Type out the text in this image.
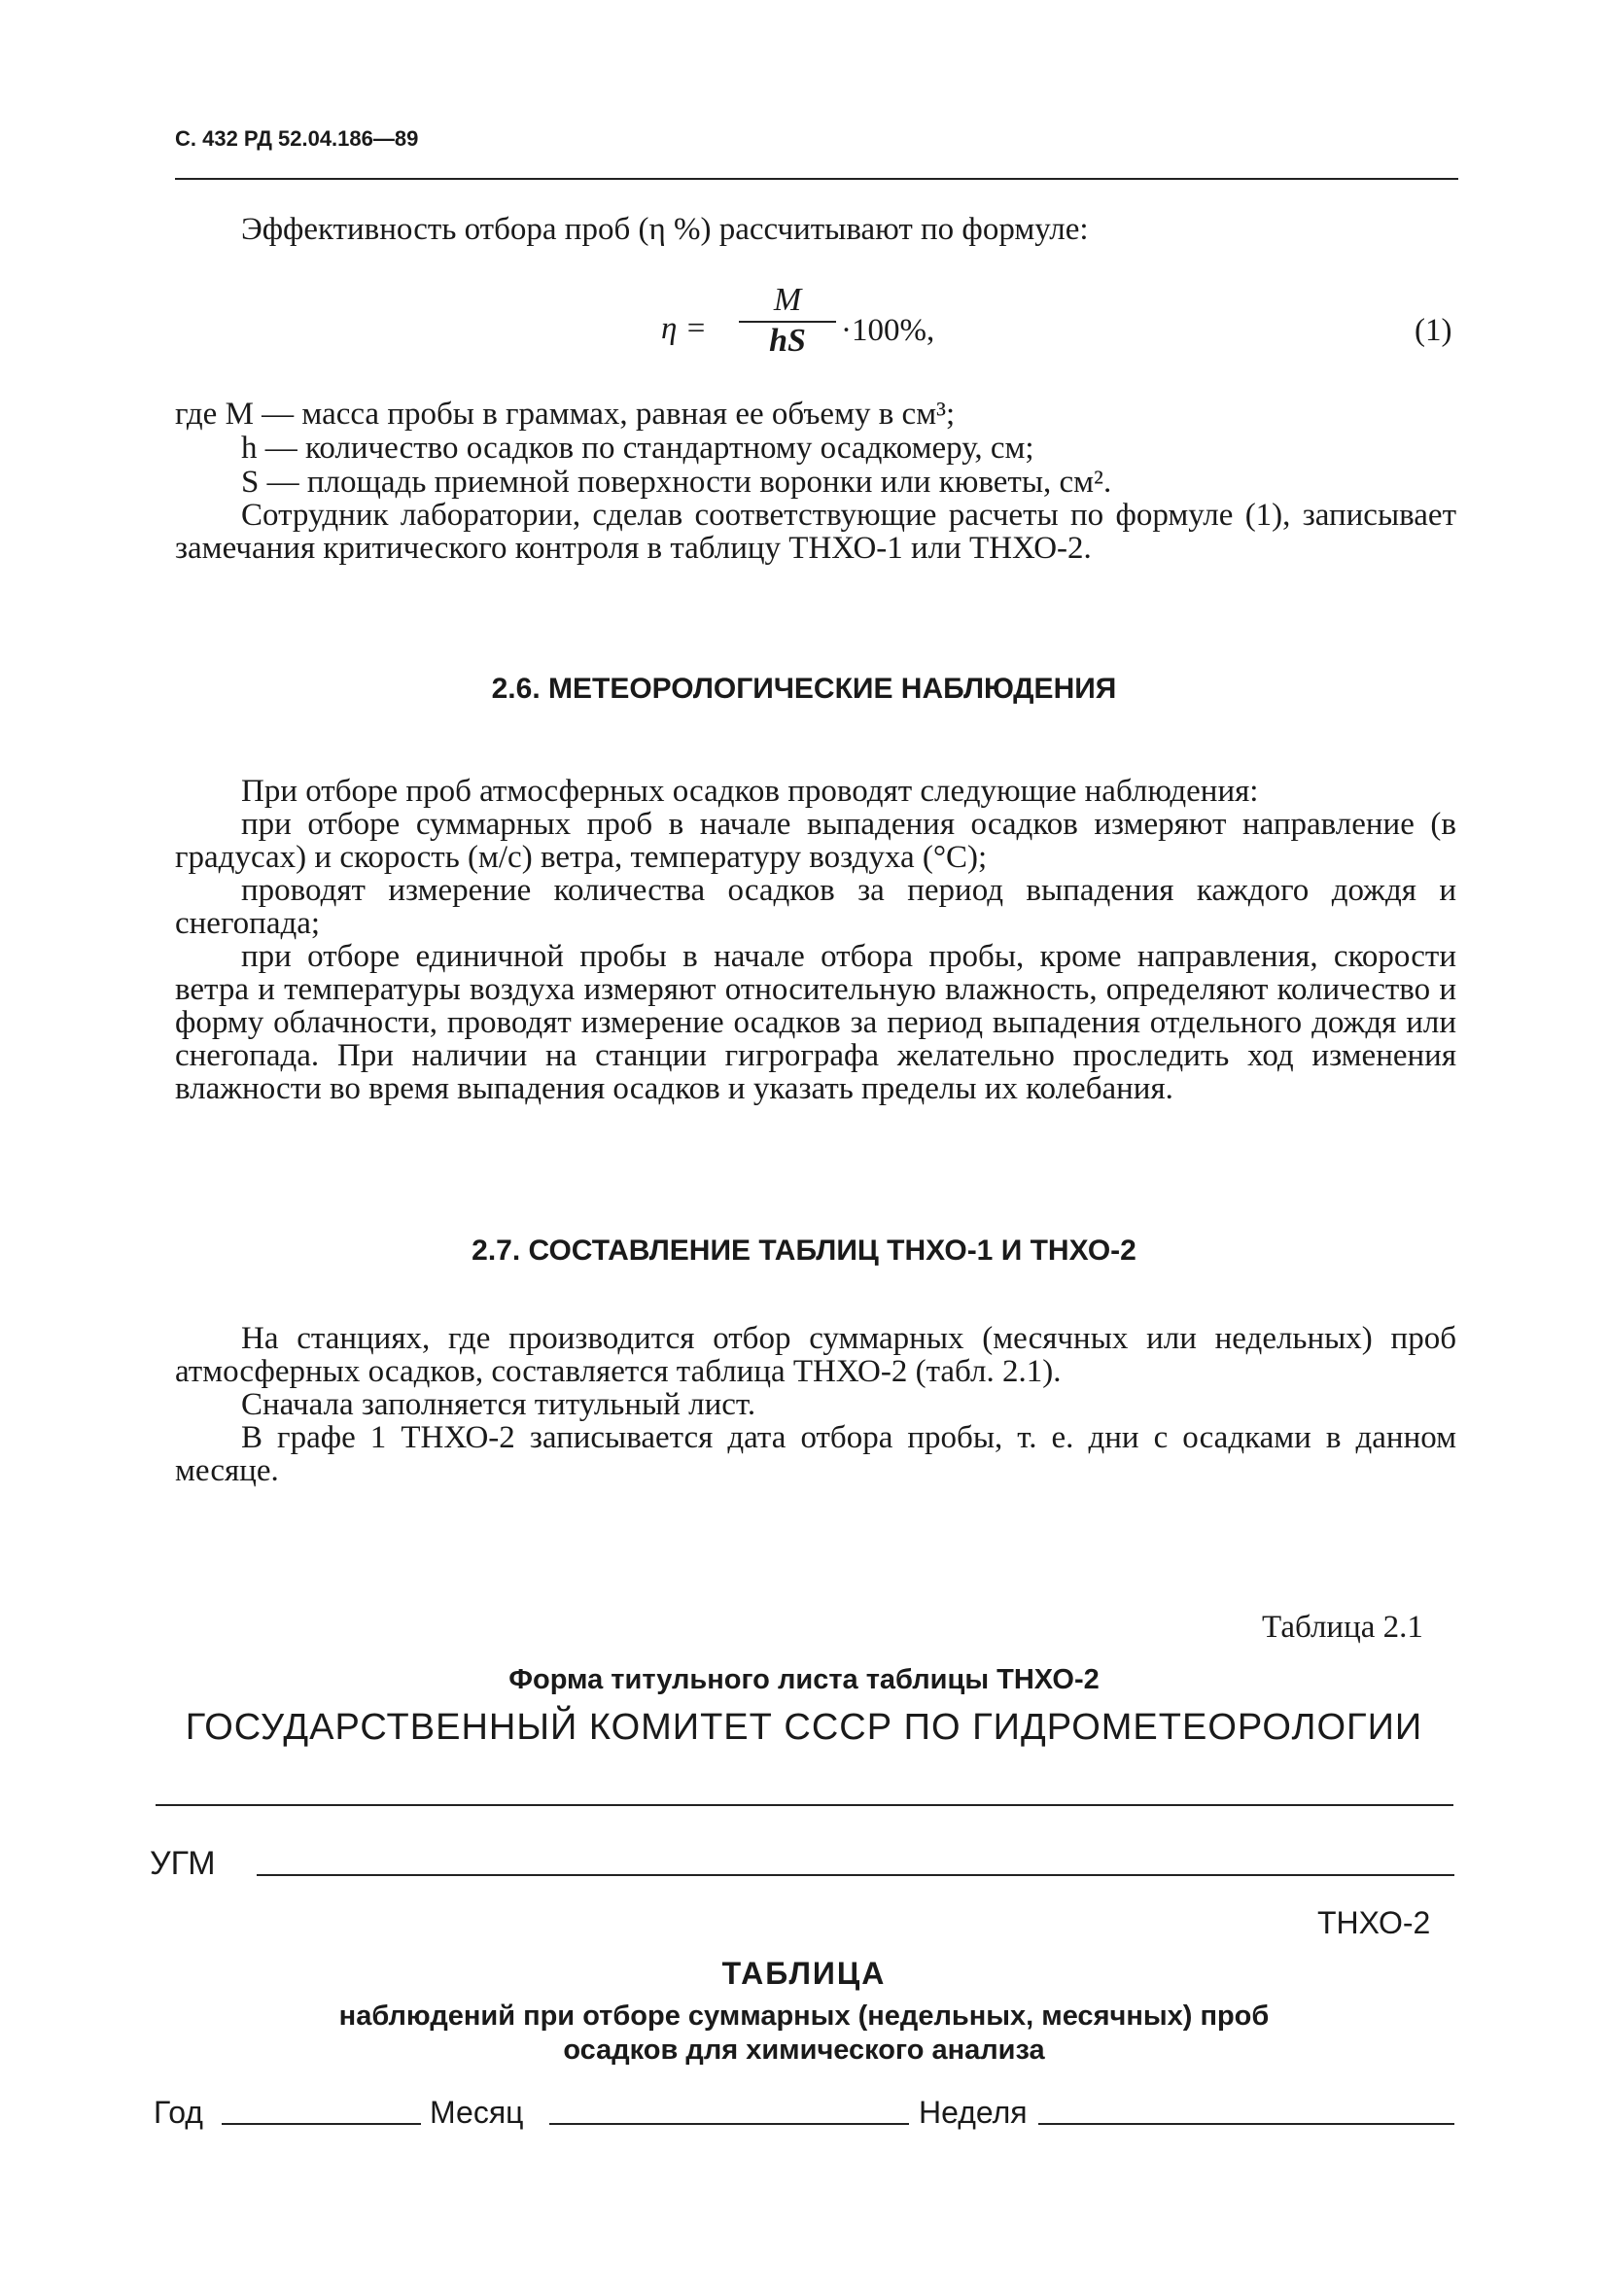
С. 432 РД 52.04.186—89
Эффективность отбора проб (η %) рассчитывают по формуле:
η =
M
hS	·100%,	(1)
где M — масса пробы в граммах, равная ее объему в см³;
h — количество осадков по стандартному осадкомеру, см;
S — площадь приемной поверхности воронки или кюветы, см².

Сотрудник лаборатории, сделав соответствующие расчеты по формуле (1), записывает замечания критического контроля в таблицу ТНХО-1 или ТНХО-2.

2.6. МЕТЕОРОЛОГИЧЕСКИЕ НАБЛЮДЕНИЯ

При отборе проб атмосферных осадков проводят следующие наблюдения:

при отборе суммарных проб в начале выпадения осадков измеряют направление (в градусах) и скорость (м/с) ветра, температуру воздуха (°С);

проводят измерение количества осадков за период выпадения каждого дождя и снегопада;

при отборе единичной пробы в начале отбора пробы, кроме направления, скорости ветра и температуры воздуха измеряют относительную влажность, определяют количество и форму облачности, проводят измерение осадков за период выпадения отдельного дождя или снегопада. При наличии на станции гигрографа желательно проследить ход изменения влажности во время выпадения осадков и указать пределы их колебания.

2.7. СОСТАВЛЕНИЕ ТАБЛИЦ ТНХО-1 И ТНХО-2

На станциях, где производится отбор суммарных (месячных или недельных) проб атмосферных осадков, составляется таблица ТНХО-2 (табл. 2.1).

Сначала заполняется титульный лист.

В графе 1 ТНХО-2 записывается дата отбора пробы, т. е. дни с осадками в данном месяце.

Таблица 2.1
Форма титульного листа таблицы ТНХО-2
ГОСУДАРСТВЕННЫЙ КОМИТЕТ СССР ПО ГИДРОМЕТЕОРОЛОГИИ
УГМ
ТНХО-2
ТАБЛИЦА
наблюдений при отборе суммарных (недельных, месячных) проб
осадков для химического анализа
Год	Месяц	Неделя
